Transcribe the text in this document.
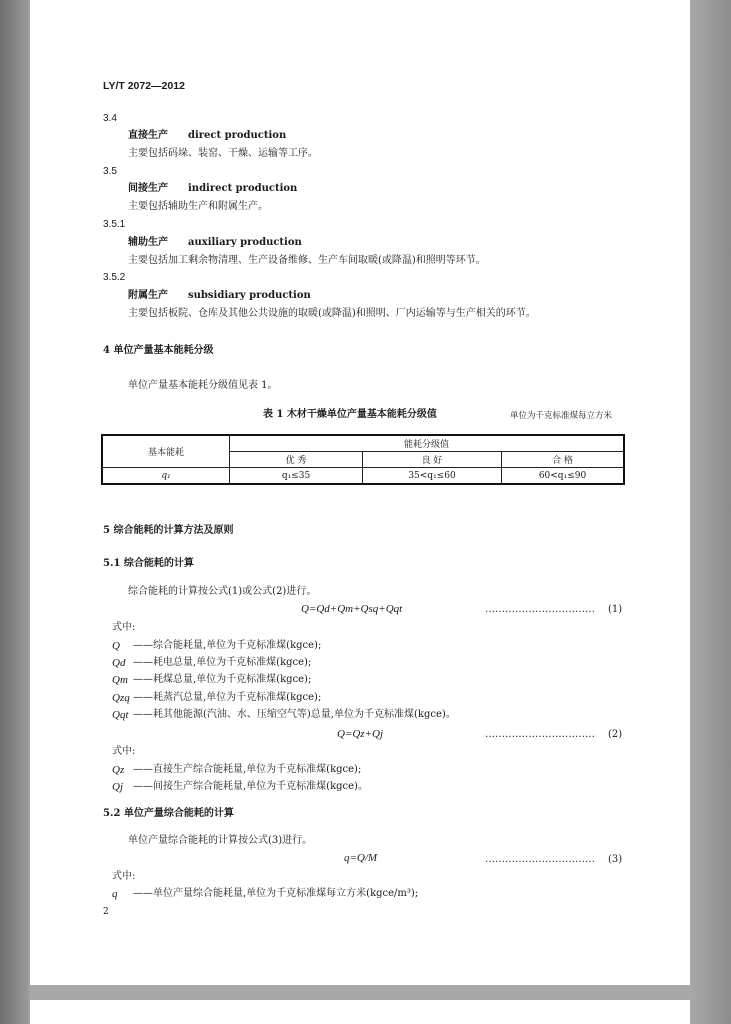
LY/T 2072—2012
3.4
直接生产 direct production
主要包括码垛、装窑、干燥、运输等工序。
3.5
间接生产 indirect production
主要包括辅助生产和附属生产。
3.5.1
辅助生产 auxiliary production
主要包括加工剩余物清理、生产设备维修、生产车间取暖(或降温)和照明等环节。
3.5.2
附属生产 subsidiary production
主要包括板院、仓库及其他公共设施的取暖(或降温)和照明、厂内运输等与生产相关的环节。
4 单位产量基本能耗分级
单位产量基本能耗分级值见表 1。
表 1 木材干燥单位产量基本能耗分级值	单位为千克标准煤每立方米
基本能耗	能耗分级值		
	优 秀	良 好	合 格
q₁	q₁≤35	35<q₁≤60	60<q₁≤90
5 综合能耗的计算方法及原则
5.1 综合能耗的计算
综合能耗的计算按公式(1)或公式(2)进行。
Q=Qd+Qm+Qsq+Qqt	…………………………… (1)
式中:
Q ——综合能耗量,单位为千克标准煤(kgce);
Qd ——耗电总量,单位为千克标准煤(kgce);
Qm ——耗煤总量,单位为千克标准煤(kgce);
Qzq ——耗蒸汽总量,单位为千克标准煤(kgce);
Qqt ——耗其他能源(汽油、水、压缩空气等)总量,单位为千克标准煤(kgce)。
Q=Qz+Qj	…………………………… (2)
式中:
Qz ——直接生产综合能耗量,单位为千克标准煤(kgce);
Qj ——间接生产综合能耗量,单位为千克标准煤(kgce)。
5.2 单位产量综合能耗的计算
单位产量综合能耗的计算按公式(3)进行。
q=Q/M	…………………………… (3)
式中:
q ——单位产量综合能耗量,单位为千克标准煤每立方米(kgce/m³);
2
